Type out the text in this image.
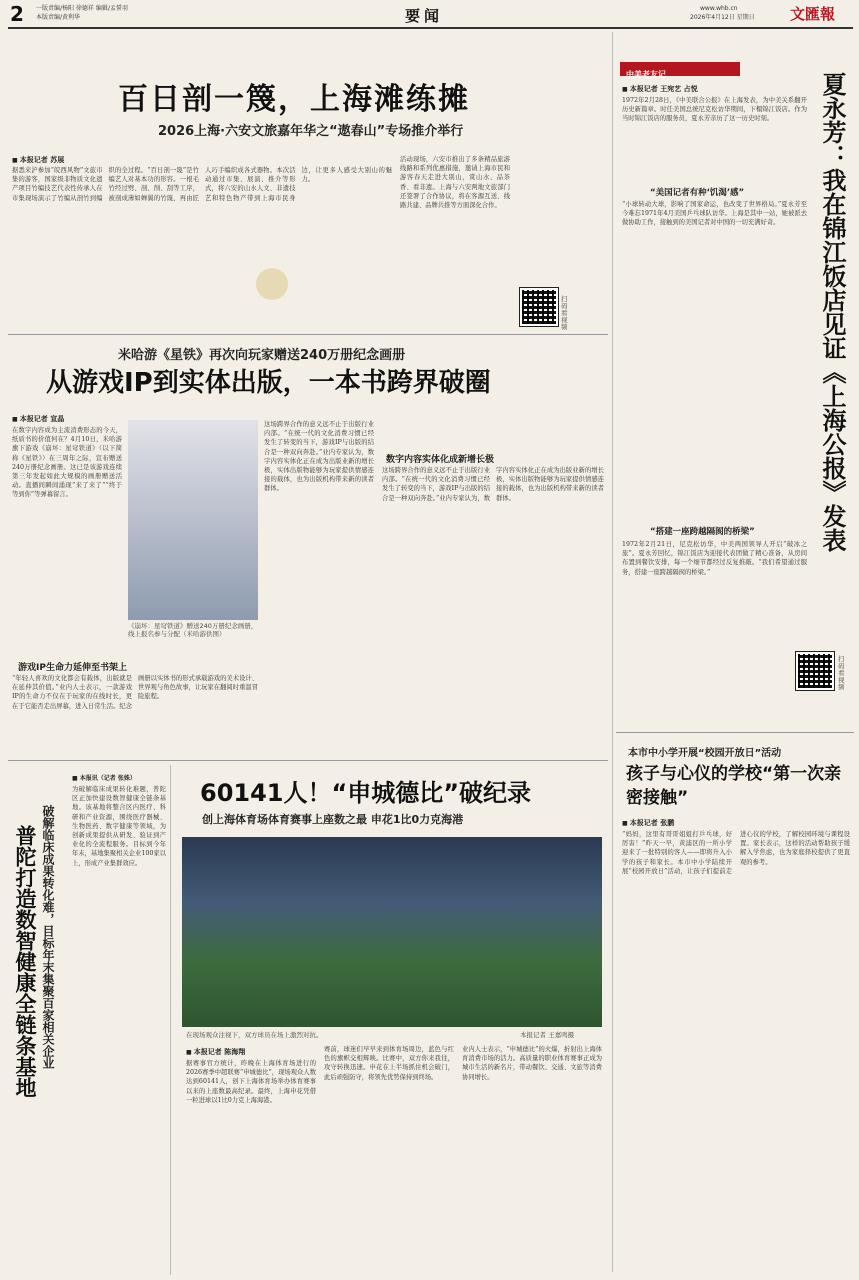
2 一版责编/杨阳 徐德祥 编辑/孟誓羽
本版责编/黄利华	要闻	www.whb.cn
2026年4月12日 星期日 文匯報
百日剖一篾，上海滩练摊
2026上海·六安文旅嘉年华之“遨春山”专场推介举行
■ 本报记者 苏展
据悉来沪参加“皖西风物”文旅市集的游客，国家级非物质文化遗产项目竹编技艺代表性传承人在市集现场演示了竹编从剖竹到编织的全过程。“百日剖一篾”是竹编艺人对基本功的形容。一根毛竹经过劈、剖、削、刮等工序，被剖成薄如蝉翼的竹篾，再由匠人巧手编织成各式器物。本次活动通过市集、展演、推介等形式，将六安的山水人文、非遗技艺和特色物产带到上海市民身边，让更多人感受大别山的魅力。
活动现场，六安市推出了多条精品旅游线路和系列优惠措施，邀请上海市民和游客春天走进大别山，赏山水、品茶香、看非遗。上海与六安两地文旅部门还签署了合作协议，将在客源互送、线路共建、品牌共推等方面深化合作。
扫码看视频
米哈游《星铁》再次向玩家赠送240万册纪念画册
从游戏IP到实体出版，一本书跨界破圈
■ 本报记者 宣晶
在数字内容成为主流消费形态的今天，纸质书的价值何在？4月10日，米哈游旗下游戏《崩坏：星穹铁道》（以下简称《星铁》）在三周年之际，宣布赠送240万册纪念画册。这已是该游戏连续第三年发起如此大规模的画册赠送活动。直播间瞬间涌现“来了来了”“终于等到你”等弹幕留言。
《崩坏：星穹铁道》赠送240万册纪念画册，线上报名参与分配（米哈游供图）
游戏IP生命力延伸至书架上
“年轻人喜欢的文化都会有载体，出版就是在延伸其价值。”业内人士表示，一款游戏IP的生命力不仅在于玩家的在线时长，更在于它能否走出屏幕，进入日常生活。纪念画册以实体书的形式承载游戏的美术设计、世界观与角色故事，让玩家在翻阅时重温冒险旅程。
这场跨界合作的意义远不止于出版行业内部。“在统一代的文化消费习惯已经发生了转变的当下，游戏IP与出版的结合是一种双向奔赴。”业内专家认为，数字内容实体化正在成为出版业新的增长极，实体出版物能够为玩家提供情感连接的载体，也为出版机构带来新的读者群体。
数字内容实体化成新增长极
这场跨界合作的意义远不止于出版行业内部。“在统一代的文化消费习惯已经发生了转变的当下，游戏IP与出版的结合是一种双向奔赴。”业内专家认为，数字内容实体化正在成为出版业新的增长极，实体出版物能够为玩家提供情感连接的载体，也为出版机构带来新的读者群体。
普陀打造数智健康全链条基地 破解临床成果转化难，目标年末集聚百家相关企业
■ 本报讯（记者 张姝）
为破解临床成果转化难题，普陀区正加快建设数智健康全链条基地。该基地将整合区内医疗、科研和产业资源，围绕医疗器械、生物医药、数字健康等领域，为创新成果提供从研发、验证到产业化的全流程服务。目标到今年年末，基地集聚相关企业100家以上，形成产业集群效应。
60141人！“申城德比”破纪录
创上海体育场体育赛事上座数之最 申花1比0力克海港
在现场观众注视下，双方球员在场上激烈对抗。	本报记者 王嘉鸣摄
■ 本报记者 陈海翔
据赛事官方统计，昨晚在上海体育场进行的2026赛季中超联赛“申城德比”，现场观众人数达到60141人，创下上海体育场举办体育赛事以来的上座数最高纪录。最终，上海申花凭借一粒进球以1比0力克上海海港。
赛前，球迷们早早来到体育场周边，蓝色与红色的旗帜交相辉映。比赛中，双方你来我往，攻守转换迅速。申花在上半场抓住机会破门，此后顽强防守，将领先优势保持到终场。
业内人士表示，“申城德比”的火爆，折射出上海体育消费市场的活力。高质量的职业体育赛事正成为城市生活的新名片，带动餐饮、交通、文旅等消费协同增长。
中美老友记
■ 本报记者 王宛艺 占悦	夏永芳：我在锦江饭店见证《上海公报》发表
1972年2月28日，《中美联合公报》在上海发表，为中美关系翻开历史新篇章。时任美国总统尼克松访华期间，下榻锦江饭店。作为当时锦江饭店的服务员，夏永芳亲历了这一历史时刻。
“美国记者有种‘饥渴’感”
“小球转动大球，影响了国家命运，也改变了世界格局。”夏永芳至今难忘1971年4月美国乒乓球队访华。上海是其中一站，她被派去做协助工作，接触到的美国记者对中国的一切充满好奇。
“搭建一座跨越隔阂的桥梁”
1972年2月21日，尼克松访华，中美两国领导人开启“破冰之旅”。夏永芳回忆，锦江饭店为迎接代表团做了精心准备，从房间布置到餐饮安排，每一个细节都经过反复推敲。“我们希望通过服务，搭建一座跨越隔阂的桥梁。”
扫码看视频
本市中小学开展“校园开放日”活动
孩子与心仪的学校“第一次亲密接触”
■ 本报记者 张鹏
“妈妈，这里有哥哥姐姐打乒乓球，好厉害！”昨天一早，黄浦区的一所小学迎来了一批特别的客人——即将升入小学的孩子和家长。本市中小学陆续开展“校园开放日”活动，让孩子们提前走进心仪的学校，了解校园环境与课程设置。家长表示，这样的活动帮助孩子缓解入学焦虑，也为家庭择校提供了更直观的参考。
